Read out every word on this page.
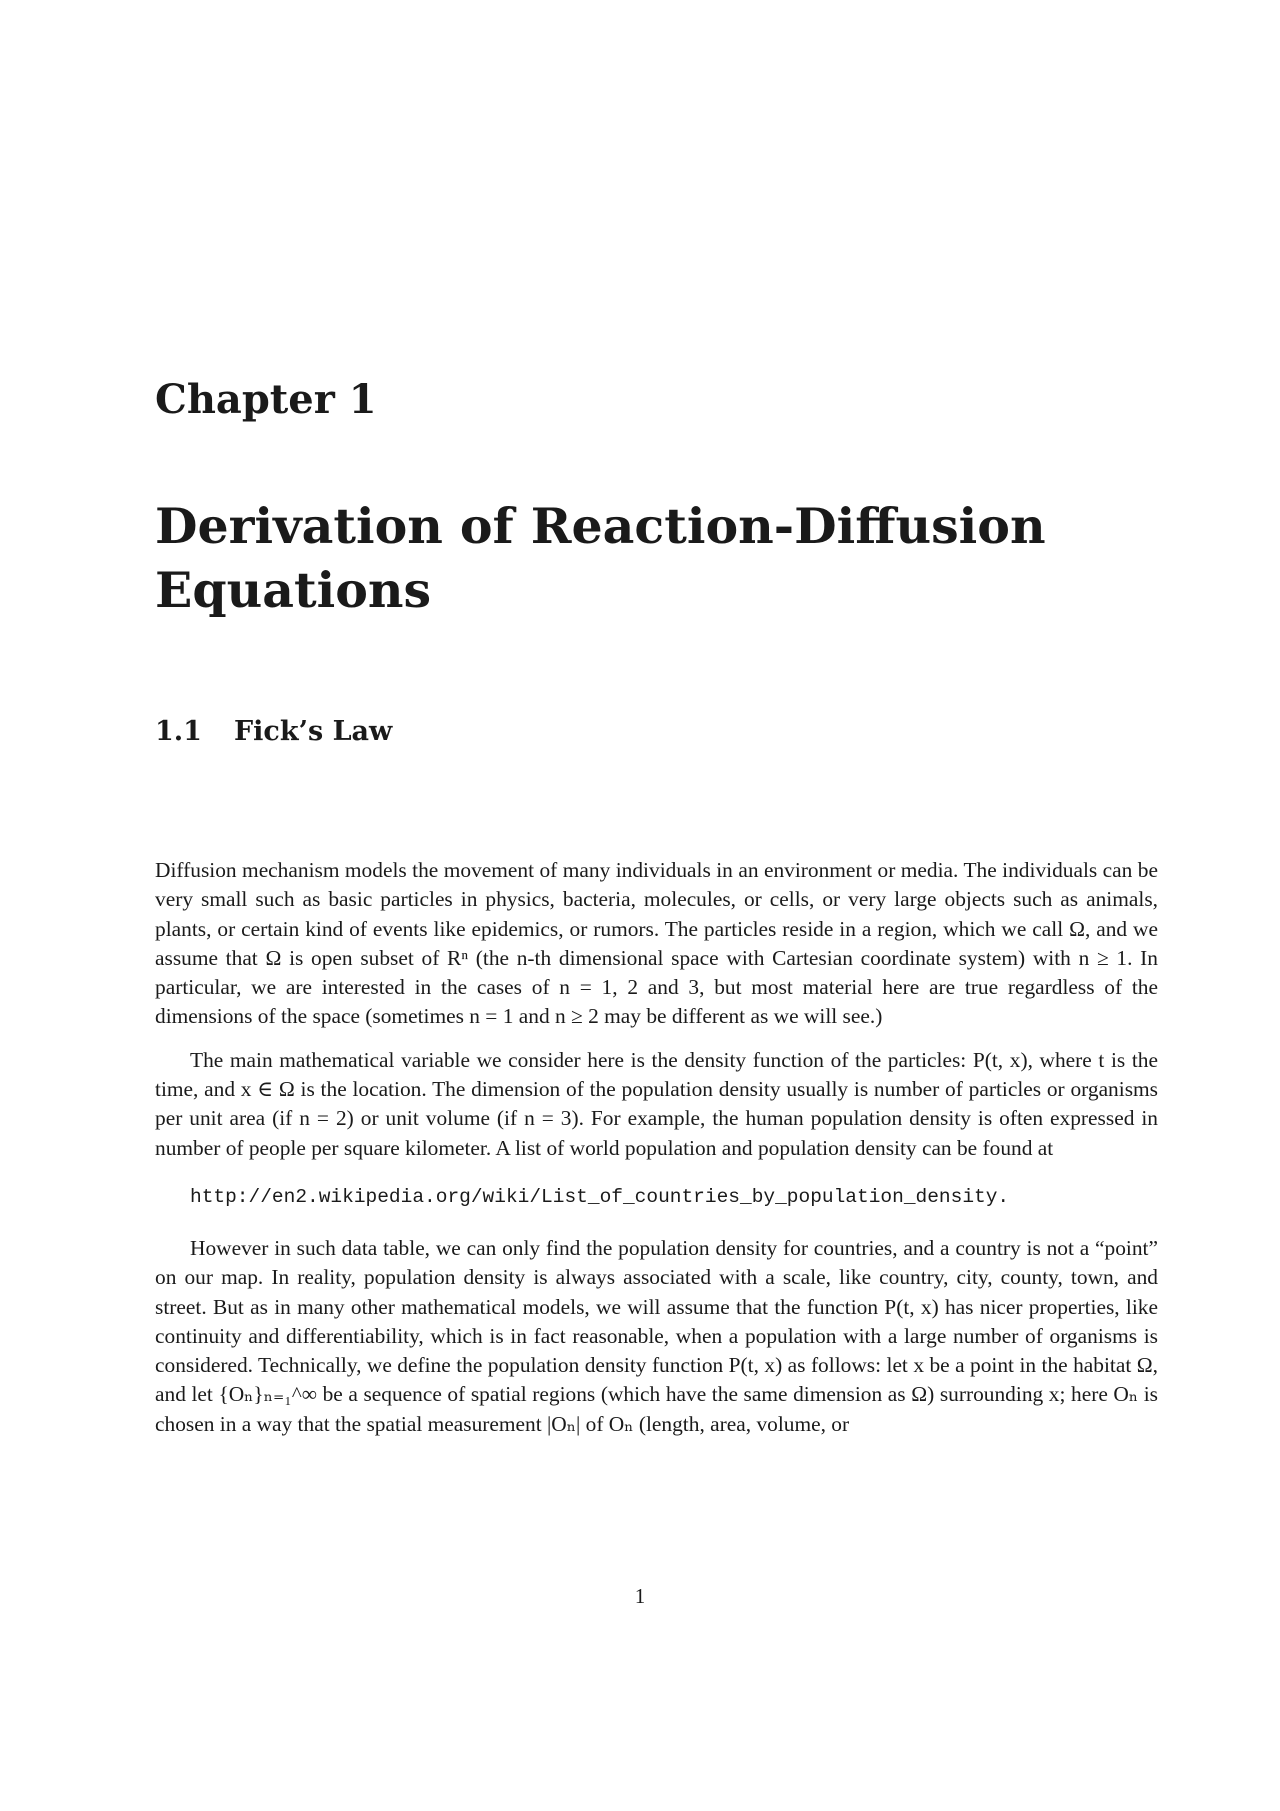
Chapter 1
Derivation of Reaction-Diffusion Equations
1.1 Fick’s Law

Diffusion mechanism models the movement of many individuals in an environment or media. The individuals can be very small such as basic particles in physics, bacteria, molecules, or cells, or very large objects such as animals, plants, or certain kind of events like epidemics, or rumors. The particles reside in a region, which we call Ω, and we assume that Ω is open subset of Rⁿ (the n-th dimensional space with Cartesian coordinate system) with n ≥ 1. In particular, we are interested in the cases of n = 1, 2 and 3, but most material here are true regardless of the dimensions of the space (sometimes n = 1 and n ≥ 2 may be different as we will see.)

The main mathematical variable we consider here is the density function of the particles: P(t, x), where t is the time, and x ∈ Ω is the location. The dimension of the population density usually is number of particles or organisms per unit area (if n = 2) or unit volume (if n = 3). For example, the human population density is often expressed in number of people per square kilometer. A list of world population and population density can be found at

http://en2.wikipedia.org/wiki/List_of_countries_by_population_density.

However in such data table, we can only find the population density for countries, and a country is not a “point” on our map. In reality, population density is always associated with a scale, like country, city, county, town, and street. But as in many other mathematical models, we will assume that the function P(t, x) has nicer properties, like continuity and differentiability, which is in fact reasonable, when a population with a large number of organisms is considered. Technically, we define the population density function P(t, x) as follows: let x be a point in the habitat Ω, and let {Oₙ}ₙ₌₁^∞ be a sequence of spatial regions (which have the same dimension as Ω) surrounding x; here Oₙ is chosen in a way that the spatial measurement |Oₙ| of Oₙ (length, area, volume, or

1
